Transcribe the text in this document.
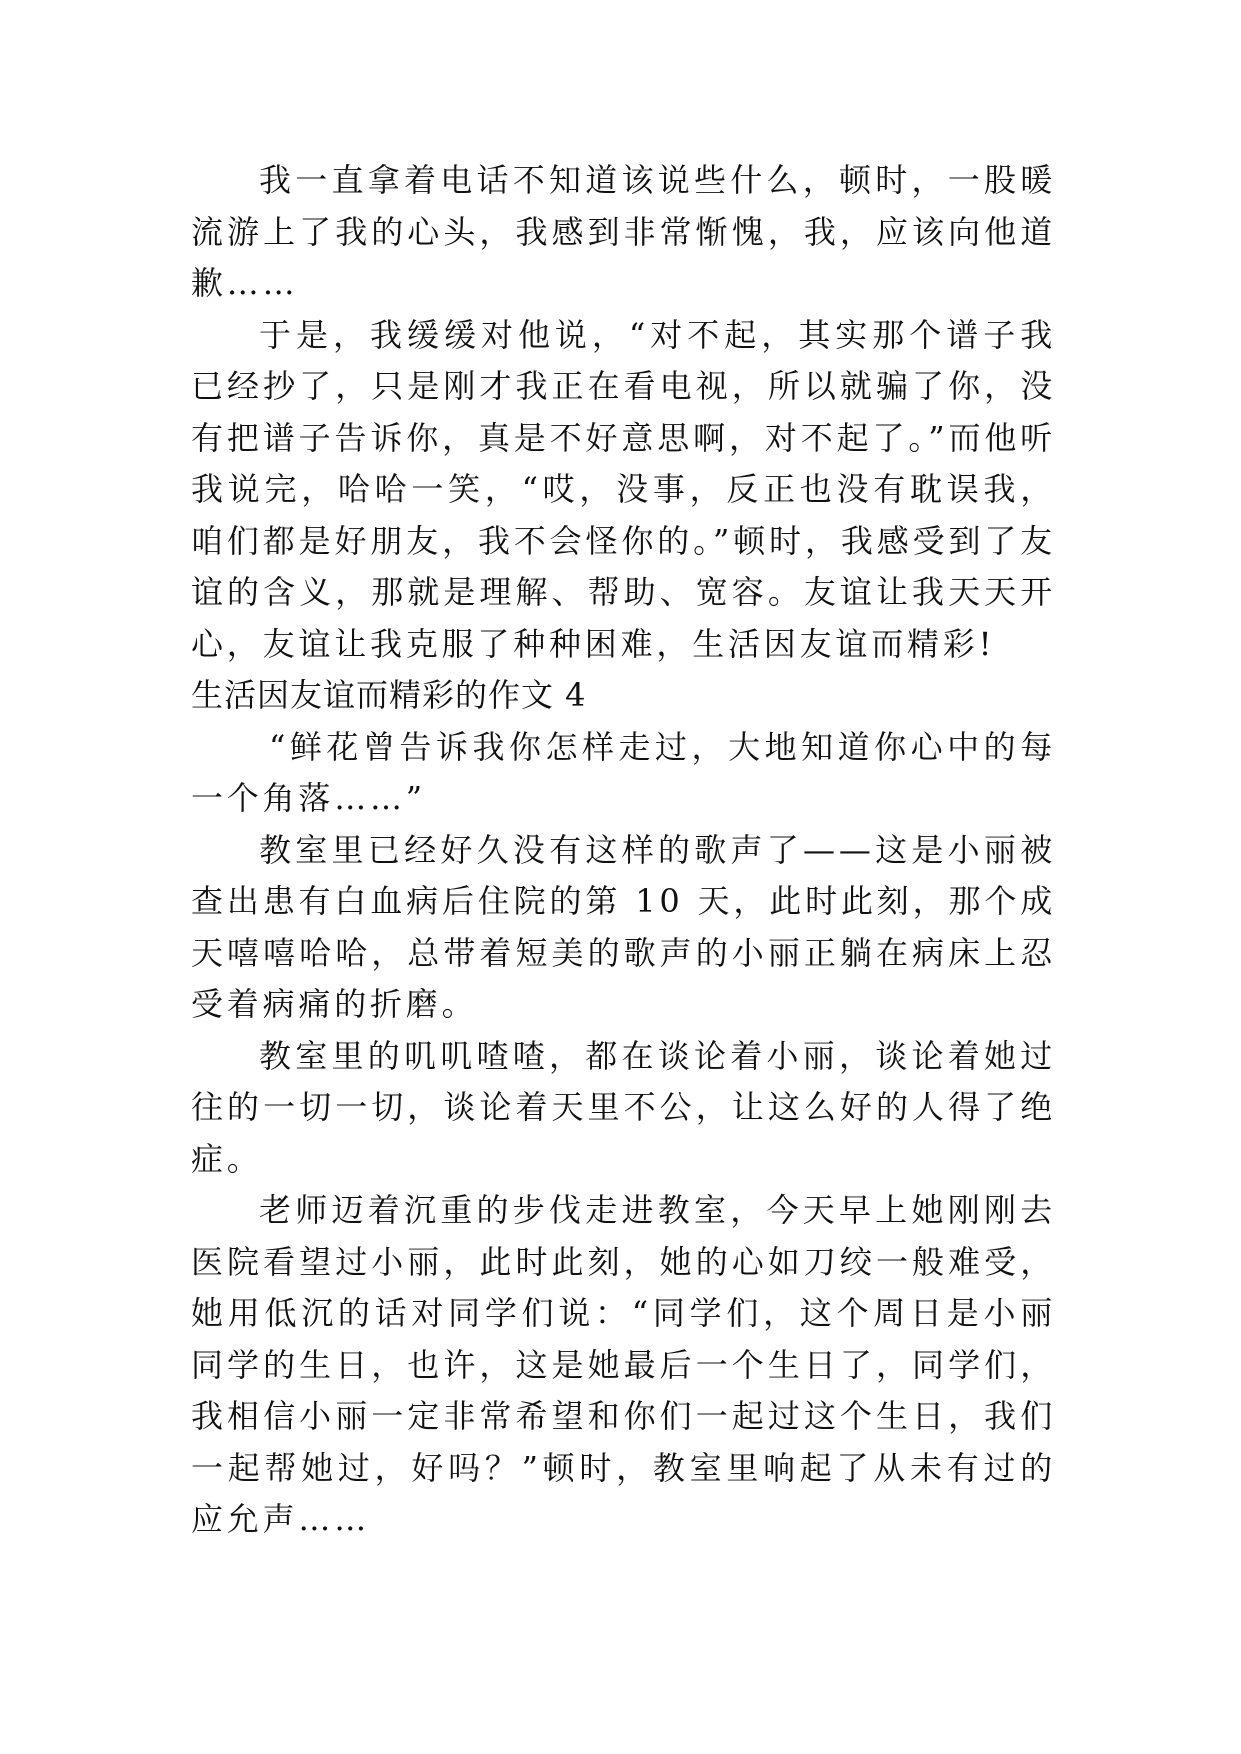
我一直拿着电话不知道该说些什么，顿时，一股暖流游上了我的心头，我感到非常惭愧，我，应该向他道歉……

于是，我缓缓对他说，“对不起，其实那个谱子我已经抄了，只是刚才我正在看电视，所以就骗了你，没有把谱子告诉你，真是不好意思啊，对不起了。”而他听我说完，哈哈一笑，“哎，没事，反正也没有耽误我，咱们都是好朋友，我不会怪你的。”顿时，我感受到了友谊的含义，那就是理解、帮助、宽容。友谊让我天天开心，友谊让我克服了种种困难，生活因友谊而精彩!

生活因友谊而精彩的作文 4

“鲜花曾告诉我你怎样走过，大地知道你心中的每一个角落……”

教室里已经好久没有这样的歌声了——这是小丽被查出患有白血病后住院的第 10 天，此时此刻，那个成天嘻嘻哈哈，总带着短美的歌声的小丽正躺在病床上忍受着病痛的折磨。

教室里的叽叽喳喳，都在谈论着小丽，谈论着她过往的一切一切，谈论着天里不公，让这么好的人得了绝症。

老师迈着沉重的步伐走进教室，今天早上她刚刚去医院看望过小丽，此时此刻，她的心如刀绞一般难受，她用低沉的话对同学们说：“同学们，这个周日是小丽同学的生日，也许，这是她最后一个生日了，同学们，我相信小丽一定非常希望和你们一起过这个生日，我们一起帮她过，好吗？”顿时，教室里响起了从未有过的应允声……
